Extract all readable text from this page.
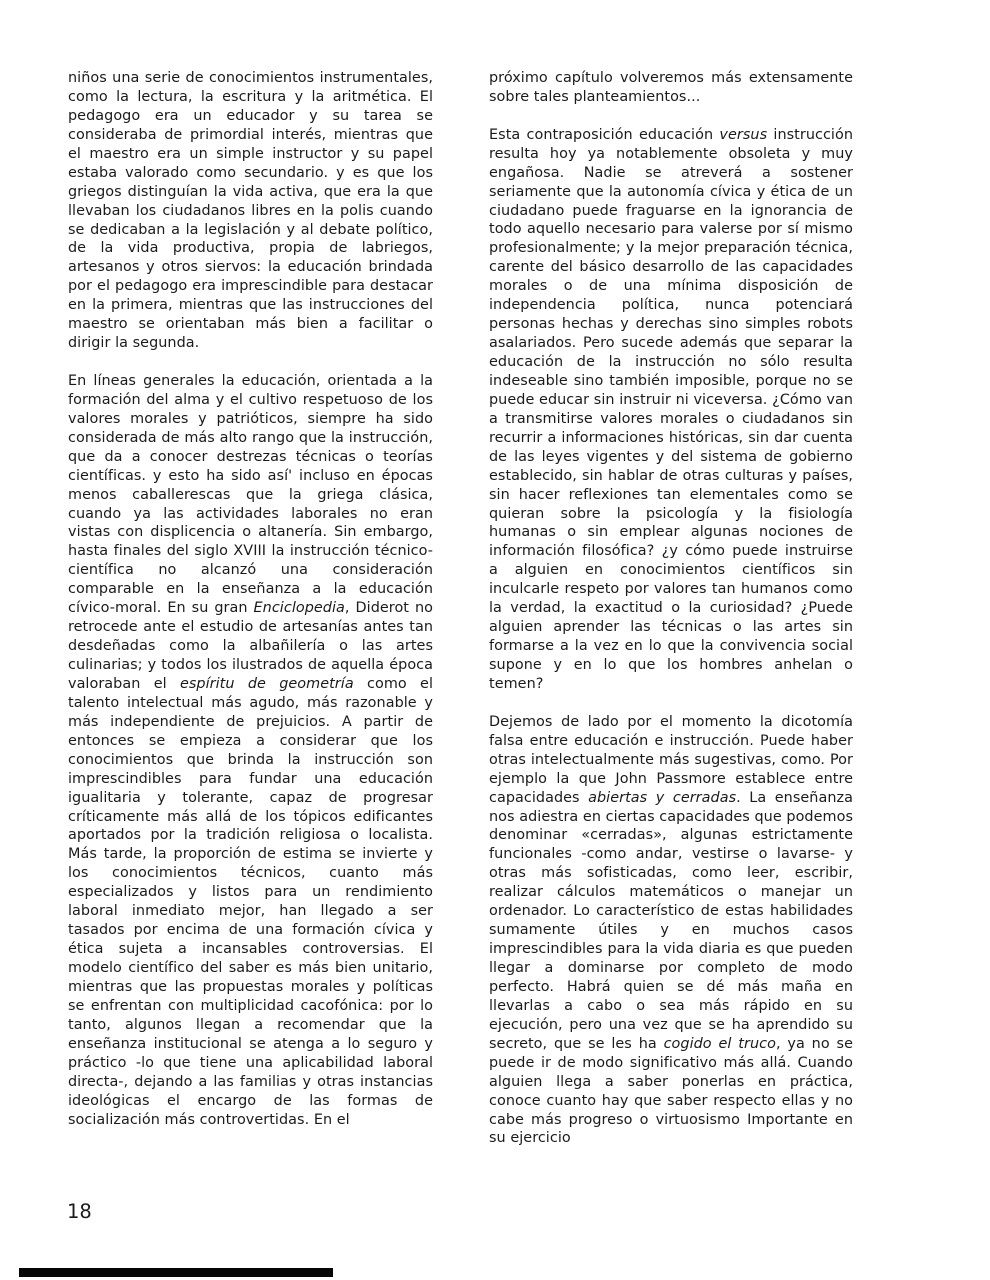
niños una serie de conocimientos instrumentales, como la lectura, la escritura y la aritmética. El pedagogo era un educador y su tarea se consideraba de primordial interés, mientras que el maestro era un simple instructor y su papel estaba valorado como secundario. y es que los griegos distinguían la vida activa, que era la que llevaban los ciudadanos libres en la polis cuando se dedicaban a la legislación y al debate político, de la vida productiva, propia de labriegos, artesanos y otros siervos: la educación brindada por el pedagogo era imprescindible para destacar en la primera, mientras que las instrucciones del maestro se orientaban más bien a facilitar o dirigir la segunda.

En líneas generales la educación, orientada a la formación del alma y el cultivo respetuoso de los valores morales y patrióticos, siempre ha sido considerada de más alto rango que la instrucción, que da a conocer destrezas técnicas o teorías científicas. y esto ha sido así' incluso en épocas menos caballerescas que la griega clásica, cuando ya las actividades laborales no eran vistas con displicencia o altanería. Sin embargo, hasta finales del siglo XVIII la instrucción técnico-científica no alcanzó una consideración comparable en la enseñanza a la educación cívico-moral. En su gran Enciclopedia, Diderot no retrocede ante el estudio de artesanías antes tan desdeñadas como la albañilería o las artes culinarias; y todos los ilustrados de aquella época valoraban el espíritu de geometría como el talento intelectual más agudo, más razonable y más independiente de prejuicios. A partir de entonces se empieza a considerar que los conocimientos que brinda la instrucción son imprescindibles para fundar una educación igualitaria y tolerante, capaz de progresar críticamente más allá de los tópicos edificantes aportados por la tradición religiosa o localista. Más tarde, la proporción de estima se invierte y los conocimientos técnicos, cuanto más especializados y listos para un rendimiento laboral inmediato mejor, han llegado a ser tasados por encima de una formación cívica y ética sujeta a incansables controversias. El modelo científico del saber es más bien unitario, mientras que las propuestas morales y políticas se enfrentan con multiplicidad cacofónica: por lo tanto, algunos llegan a recomendar que la enseñanza institucional se atenga a lo seguro y práctico -lo que tiene una aplicabilidad laboral directa-, dejando a las familias y otras instancias ideológicas el encargo de las formas de socialización más controvertidas. En el

próximo capítulo volveremos más extensamente sobre tales planteamientos...

Esta contraposición educación versus instrucción resulta hoy ya notablemente obsoleta y muy engañosa. Nadie se atreverá a sostener seriamente que la autonomía cívica y ética de un ciudadano puede fraguarse en la ignorancia de todo aquello necesario para valerse por sí mismo profesionalmente; y la mejor preparación técnica, carente del básico desarrollo de las capacidades morales o de una mínima disposición de independencia política, nunca potenciará personas hechas y derechas sino simples robots asalariados. Pero sucede además que separar la educación de la instrucción no sólo resulta indeseable sino también imposible, porque no se puede educar sin instruir ni viceversa. ¿Cómo van a transmitirse valores morales o ciudadanos sin recurrir a informaciones históricas, sin dar cuenta de las leyes vigentes y del sistema de gobierno establecido, sin hablar de otras culturas y países, sin hacer reflexiones tan elementales como se quieran sobre la psicología y la fisiología humanas o sin emplear algunas nociones de información filosófica? ¿y cómo puede instruirse a alguien en conocimientos científicos sin inculcarle respeto por valores tan humanos como la verdad, la exactitud o la curiosidad? ¿Puede alguien aprender las técnicas o las artes sin formarse a la vez en lo que la convivencia social supone y en lo que los hombres anhelan o temen?

Dejemos de lado por el momento la dicotomía falsa entre educación e instrucción. Puede haber otras intelectualmente más sugestivas, como. Por ejemplo la que John Passmore establece entre capacidades abiertas y cerradas. La enseñanza nos adiestra en ciertas capacidades que podemos denominar «cerradas», algunas estrictamente funcionales -como andar, vestirse o lavarse- y otras más sofisticadas, como leer, escribir, realizar cálculos matemáticos o manejar un ordenador. Lo característico de estas habilidades sumamente útiles y en muchos casos imprescindibles para la vida diaria es que pueden llegar a dominarse por completo de modo perfecto. Habrá quien se dé más maña en llevarlas a cabo o sea más rápido en su ejecución, pero una vez que se ha aprendido su secreto, que se les ha cogido el truco, ya no se puede ir de modo significativo más allá. Cuando alguien llega a saber ponerlas en práctica, conoce cuanto hay que saber respecto ellas y no cabe más progreso o virtuosismo Importante en su ejercicio

18
